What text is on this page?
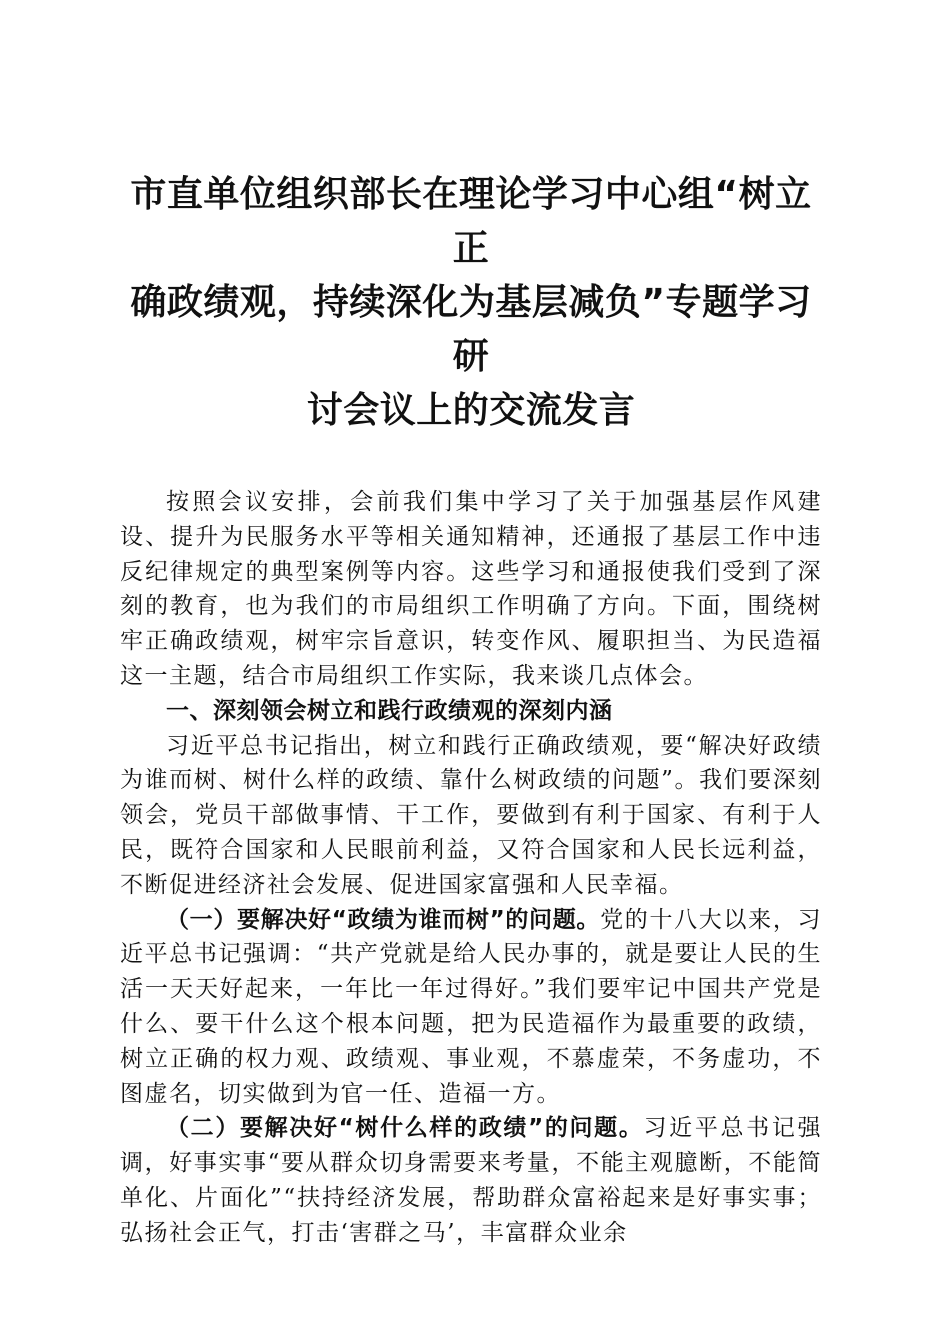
市直单位组织部长在理论学习中心组“树立正
确政绩观，持续深化为基层减负”专题学习研
讨会议上的交流发言

按照会议安排，会前我们集中学习了关于加强基层作风建设、提升为民服务水平等相关通知精神，还通报了基层工作中违反纪律规定的典型案例等内容。这些学习和通报使我们受到了深刻的教育，也为我们的市局组织工作明确了方向。下面，围绕树牢正确政绩观，树牢宗旨意识，转变作风、履职担当、为民造福这一主题，结合市局组织工作实际，我来谈几点体会。

一、深刻领会树立和践行政绩观的深刻内涵

习近平总书记指出，树立和践行正确政绩观，要“解决好政绩为谁而树、树什么样的政绩、靠什么树政绩的问题”。我们要深刻领会，党员干部做事情、干工作，要做到有利于国家、有利于人民，既符合国家和人民眼前利益，又符合国家和人民长远利益，不断促进经济社会发展、促进国家富强和人民幸福。

（一）要解决好“政绩为谁而树”的问题。党的十八大以来，习近平总书记强调：“共产党就是给人民办事的，就是要让人民的生活一天天好起来，一年比一年过得好。”我们要牢记中国共产党是什么、要干什么这个根本问题，把为民造福作为最重要的政绩，树立正确的权力观、政绩观、事业观，不慕虚荣，不务虚功，不图虚名，切实做到为官一任、造福一方。

（二）要解决好“树什么样的政绩”的问题。习近平总书记强调，好事实事“要从群众切身需要来考量，不能主观臆断，不能简单化、片面化”“扶持经济发展，帮助群众富裕起来是好事实事；弘扬社会正气，打击‘害群之马’，丰富群众业余
